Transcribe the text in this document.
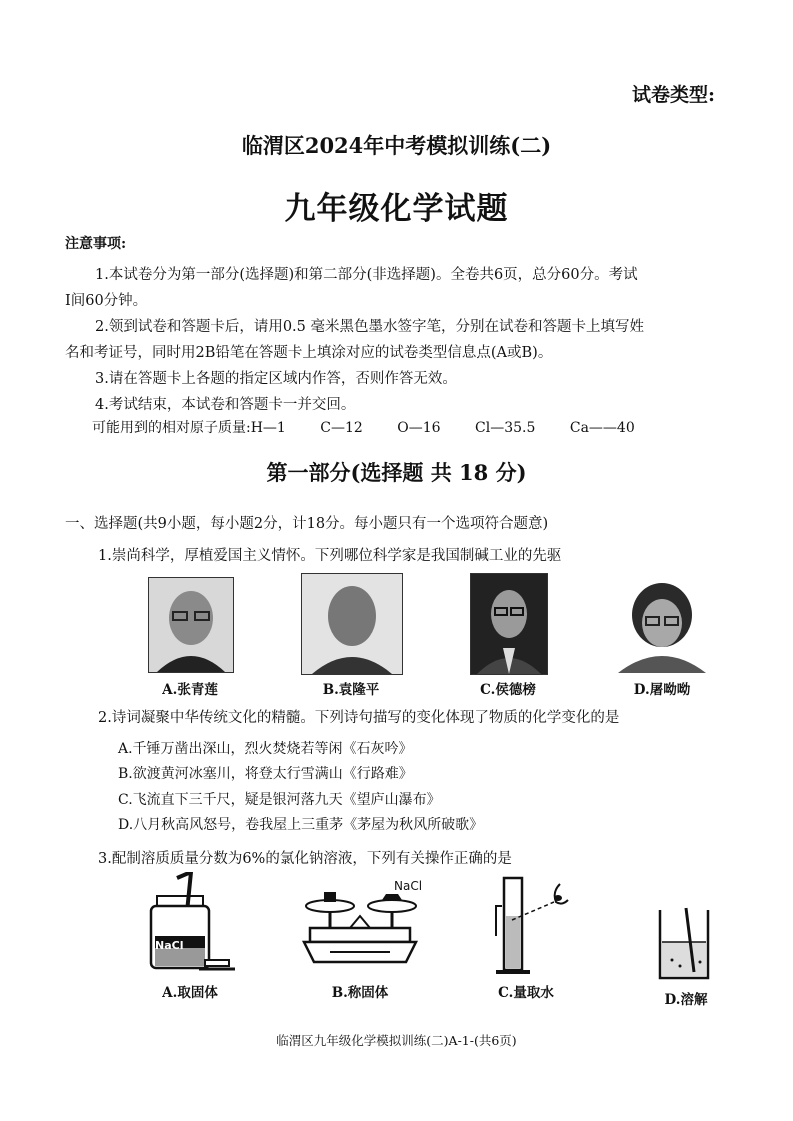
试卷类型:
临渭区2024年中考模拟训练(二)
九年级化学试题
注意事项:
1.本试卷分为第一部分(选择题)和第二部分(非选择题)。全卷共6页，总分60分。考试
I间60分钟。
2.领到试卷和答题卡后，请用0.5 毫米黑色墨水签字笔，分别在试卷和答题卡上填写姓
名和考证号，同时用2B铅笔在答题卡上填涂对应的试卷类型信息点(A或B)。
3.请在答题卡上各题的指定区域内作答，否则作答无效。
4.考试结束，本试卷和答题卡一并交回。
可能用到的相对原子质量:H—1 C—12 O—16 Cl—35.5 Ca——40
第一部分(选择题 共 18 分)
一、选择题(共9小题，每小题2分，计18分。每小题只有一个选项符合题意)
1.崇尚科学，厚植爱国主义情怀。下列哪位科学家是我国制碱工业的先驱
A.张青莲	B.袁隆平	C.侯德榜	D.屠呦呦
2.诗词凝聚中华传统文化的精髓。下列诗句描写的变化体现了物质的化学变化的是
A.千锤万凿出深山，烈火焚烧若等闲《石灰吟》
B.欲渡黄河冰塞川，将登太行雪满山《行路难》
C.飞流直下三千尺，疑是银河落九天《望庐山瀑布》
D.八月秋高风怒号，卷我屋上三重茅《茅屋为秋风所破歌》
3.配制溶质质量分数为6%的氯化钠溶液，下列有关操作正确的是
NaCl
NaCl
A.取固体	B.称固体	C.量取水	D.溶解
临渭区九年级化学模拟训练(二)A-1-(共6页)
